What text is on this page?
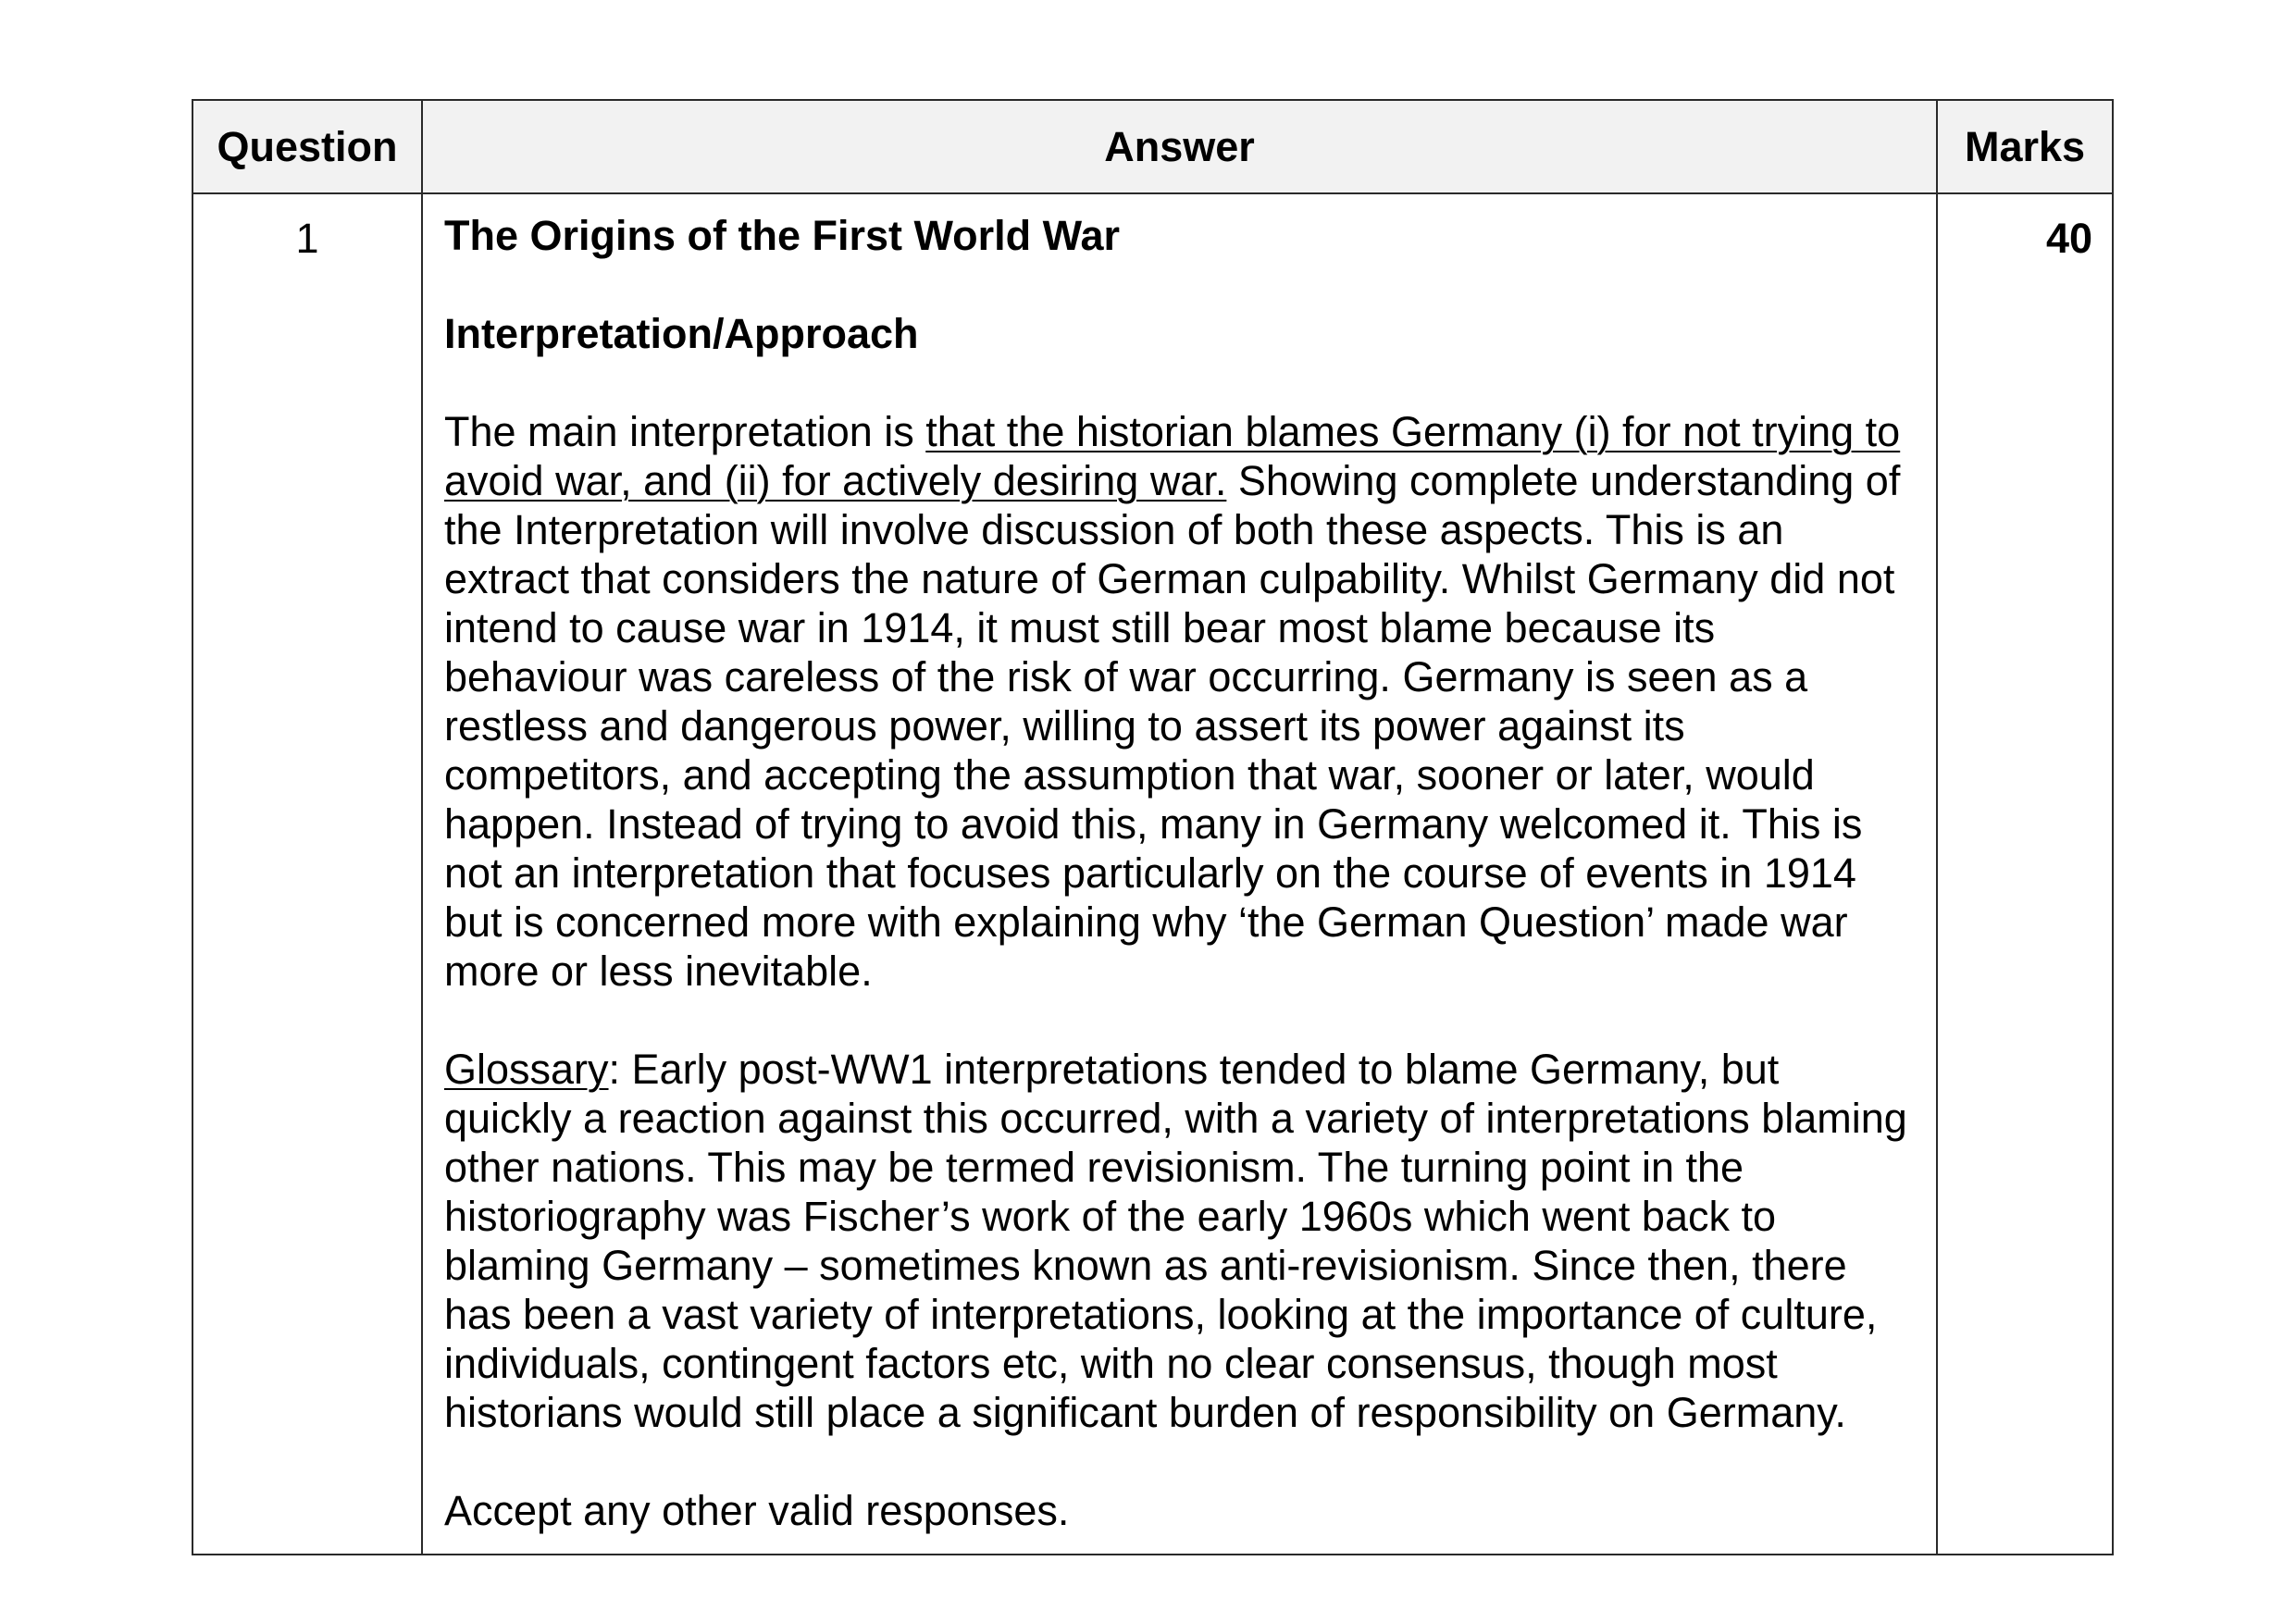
Question	Answer	Marks
1	The Origins of the First World War

Interpretation/Approach

The main interpretation is that the historian blames Germany (i) for not trying to avoid war, and (ii) for actively desiring war. Showing complete understanding of the Interpretation will involve discussion of both these aspects. This is an extract that considers the nature of German culpability. Whilst Germany did not intend to cause war in 1914, it must still bear most blame because its behaviour was careless of the risk of war occurring. Germany is seen as a restless and dangerous power, willing to assert its power against its competitors, and accepting the assumption that war, sooner or later, would happen. Instead of trying to avoid this, many in Germany welcomed it. This is not an interpretation that focuses particularly on the course of events in 1914 but is concerned more with explaining why ‘the German Question’ made war more or less inevitable.

Glossary: Early post-WW1 interpretations tended to blame Germany, but quickly a reaction against this occurred, with a variety of interpretations blaming other nations. This may be termed revisionism. The turning point in the historiography was Fischer’s work of the early 1960s which went back to blaming Germany – sometimes known as anti-revisionism. Since then, there has been a vast variety of interpretations, looking at the importance of culture, individuals, contingent factors etc, with no clear consensus, though most historians would still place a significant burden of responsibility on Germany.

Accept any other valid responses.	40
